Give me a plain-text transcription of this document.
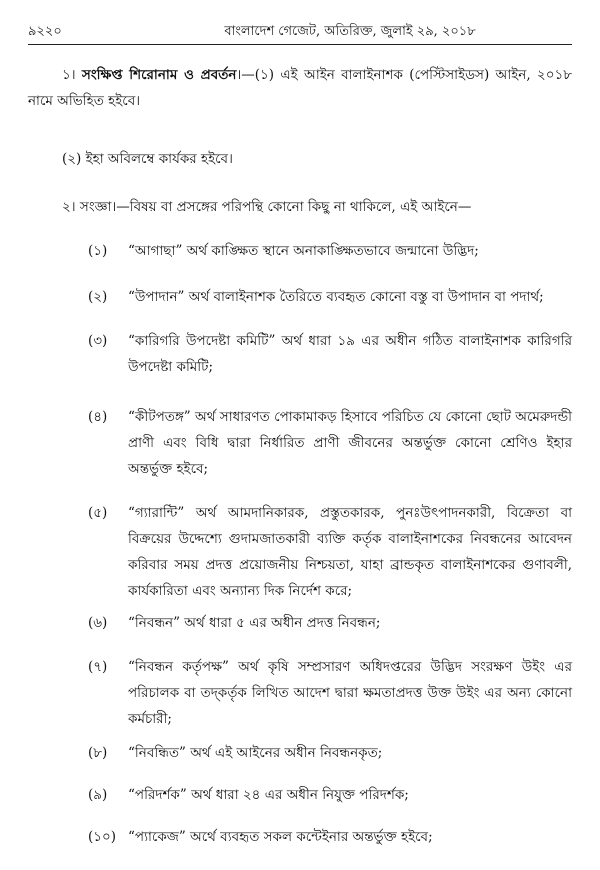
৯২২০	বাংলাদেশ গেজেট, অতিরিক্ত, জুলাই ২৯, ২০১৮
১। সংক্ষিপ্ত শিরোনাম ও প্রবর্তন।—(১) এই আইন বালাইনাশক (পেস্টিসাইডস) আইন, ২০১৮ নামে অভিহিত হইবে।
(২) ইহা অবিলম্বে কার্যকর হইবে।
২। সংজ্ঞা।—বিষয় বা প্রসঙ্গের পরিপন্থি কোনো কিছু না থাকিলে, এই আইনে—
(১)	“আগাছা” অর্থ কাঙ্ক্ষিত স্থানে অনাকাঙ্ক্ষিতভাবে জন্মানো উদ্ভিদ;
(২)	“উপাদান” অর্থ বালাইনাশক তৈরিতে ব্যবহৃত কোনো বস্তু বা উপাদান বা পদার্থ;
(৩)	“কারিগরি উপদেষ্টা কমিটি” অর্থ ধারা ১৯ এর অধীন গঠিত বালাইনাশক কারিগরি উপদেষ্টা কমিটি;
(৪)	“কীটপতঙ্গ” অর্থ সাধারণত পোকামাকড় হিসাবে পরিচিত যে কোনো ছোট অমেরুদন্ডী প্রাণী এবং বিধি দ্বারা নির্ধারিত প্রাণী জীবনের অন্তর্ভুক্ত কোনো শ্রেণিও ইহার অন্তর্ভুক্ত হইবে;
(৫)	“গ্যারান্টি” অর্থ আমদানিকারক, প্রস্তুতকারক, পুনঃউৎপাদনকারী, বিক্রেতা বা বিক্রয়ের উদ্দেশ্যে গুদামজাতকারী ব্যক্তি কর্তৃক বালাইনাশকের নিবন্ধনের আবেদন করিবার সময় প্রদত্ত প্রয়োজনীয় নিশ্চয়তা, যাহা ব্রান্ডকৃত বালাইনাশকের গুণাবলী, কার্যকারিতা এবং অন্যান্য দিক নির্দেশ করে;
(৬)	“নিবন্ধন” অর্থ ধারা ৫ এর অধীন প্রদত্ত নিবন্ধন;
(৭)	“নিবন্ধন কর্তৃপক্ষ” অর্থ কৃষি সম্প্রসারণ অধিদপ্তরের উদ্ভিদ সংরক্ষণ উইং এর পরিচালক বা তদ্‌কর্তৃক লিখিত আদেশ দ্বারা ক্ষমতাপ্রদত্ত উক্ত উইং এর অন্য কোনো কর্মচারী;
(৮)	“নিবন্ধিত” অর্থ এই আইনের অধীন নিবন্ধনকৃত;
(৯)	“পরিদর্শক” অর্থ ধারা ২৪ এর অধীন নিযুক্ত পরিদর্শক;
(১০) “প্যাকেজ” অর্থে ব্যবহৃত সকল কন্টেইনার অন্তর্ভুক্ত হইবে;
